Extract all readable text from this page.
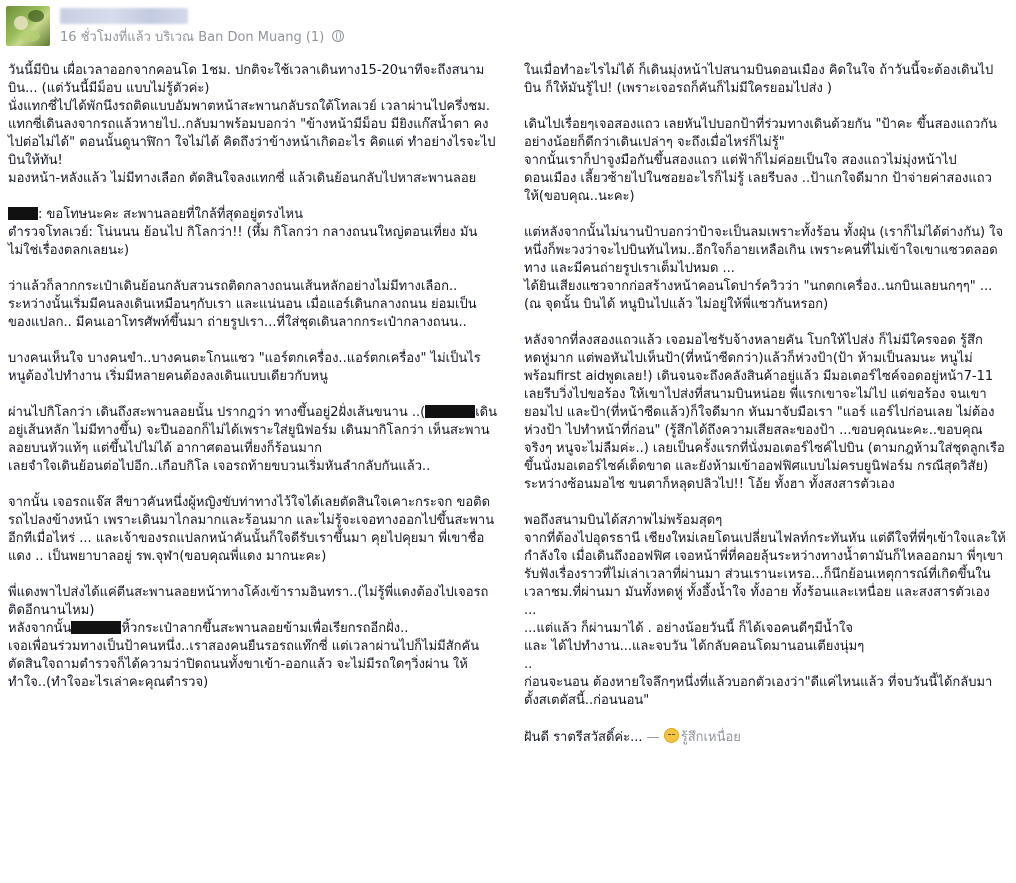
16 ชั่วโมงที่แล้ว บริเวณ Ban Don Muang (1)

วันนี้มีบิน เผื่อเวลาออกจากคอนโด 1ชม. ปกติจะใช้เวลาเดินทาง15-20นาทีจะถึงสนามบิน... (แต่วันนี้มีม็อบ แบบไม่รู้ตัวค่ะ)
นั่งแทกซี่ไปได้พักนึงรถติดแบบอัมพาตหน้าสะพานกลับรถใต้โทลเวย์ เวลาผ่านไปครึ่งชม. แทกซี่เดินลงจากรถแล้วหายไป..กลับมาพร้อมบอกว่า "ข้างหน้ามีม็อบ มียิงแก๊สน้ำตา คงไปต่อไม่ได้" ตอนนั้นดูนาฬิกา ใจไม่ได้ คิดถึงว่าข้างหน้าเกิดอะไร คิดแต่ ทำอย่างไรจะไปบินให้ทัน!
มองหน้า-หลังแล้ว ไม่มีทางเลือก ตัดสินใจลงแทกซี่ แล้วเดินย้อนกลับไปหาสะพานลอย

: ขอโทษนะคะ สะพานลอยที่ใกล้ที่สุดอยู่ตรงไหน
ตำรวจโทลเวย์: โน่นนน ย้อนไป กิโลกว่า!! (หึ้ม กิโลกว่า กลางถนนใหญ่ตอนเที่ยง มันไม่ใช่เรื่องตลกเลยนะ)

ว่าแล้วก็ลากกระเป๋าเดินย้อนกลับสวนรถติดกลางถนนเส้นหลักอย่างไม่มีทางเลือก.. ระหว่างนั้นเริ่มมีคนลงเดินเหมือนๆกับเรา และแน่นอน เมื่อแอร์เดินกลางถนน ย่อมเป็นของแปลก.. มีคนเอาโทรศัพท์ขึ้นมา ถ่ายรูปเรา...ที่ใส่ชุดเดินลากกระเป๋ากลางถนน..

บางคนเห็นใจ บางคนขำ..บางคนตะโกนแซว "แอร์ตกเครื่อง..แอร์ตกเครื่อง" ไม่เป็นไร หนูต้องไปทำงาน เริ่มมีหลายคนต้องลงเดินแบบเดียวกับหนู

ผ่านไปกิโลกว่า เดินถึงสะพานลอยนั้น ปรากฎว่า ทางขึ้นอยู่2ฝั่งเส้นขนาน ..(	เดินอยู่เส้นหลัก ไม่มีทางขึ้น) จะปีนออกก็ไม่ได้เพราะใส่ยูนิฟอร์ม เดินมากิโลกว่า เห็นสะพานลอยบนหัวแท้ๆ แต่ขึ้นไปไม่ได้ อากาศตอนเที่ยงก็ร้อนมาก
เลยจำใจเดินย้อนต่อไปอีก..เกือบกิโล เจอรถท้ายขบวนเริ่มหันลำกลับกันแล้ว..

จากนั้น เจอรถแจ๊ส สีขาวคันหนึ่งผู้หญิงขับท่าทางไว้ใจได้เลยตัดสินใจเคาะกระจก ขอติดรถไปลงข้างหน้า เพราะเดินมาไกลมากและร้อนมาก และไม่รู้จะเจอทางออกไปขึ้นสะพานอีกทีเมื่อไหร่ ... และเจ้าของรถแปลกหน้าคันนั้นก็ใจดีรับเราขึ้นมา คุยไปคุยมา พี่เขาชื่อแดง .. เป็นพยาบาลอยู่ รพ.จุฬา(ขอบคุณพี่แดง มากนะคะ)

พี่แดงพาไปส่งได้แค่ตีนสะพานลอยหน้าทางโค้งเข้ารามอินทรา..(ไม่รู้พี่แดงต้องไปเจอรถติดอีกนานไหม)
หลังจากนั้น	หิ้วกระเป๋าลากขึ้นสะพานลอยข้ามเพื่อเรียกรถอีกฝั่ง..
เจอเพื่อนร่วมทางเป็นป้าคนหนึ่ง..เราสองคนยืนรอรถแท๊กซี่ แต่เวลาผ่านไปก็ไม่มีสักคัน ตัดสินใจถามตำรวจก็ได้ความว่าปิดถนนทั้งขาเข้า-ออกแล้ว จะไม่มีรถใดๆวิ่งผ่าน ให้ทำใจ..(ทำใจอะไรเล่าคะคุณตำรวจ)

ในเมื่อทำอะไรไม่ได้ ก็เดินมุ่งหน้าไปสนามบินดอนเมือง คิดในใจ ถ้าวันนี้จะต้องเดินไปบิน ก็ให้มันรู้ไป! (เพราะเจอรถก็คันก็ไม่มีใครยอมไปส่ง )

เดินไปเรื่อยๆเจอสองแถว เลยหันไปบอกป้าที่ร่วมทางเดินด้วยกัน "ป้าคะ ขึ้นสองแถวกัน อย่างน้อยก็ดีกว่าเดินเปล่าๆ จะถึงเมื่อไหร่ก็ไม่รู้"
จากนั้นเราก็ปาจูงมือกันขึ้นสองแถว แต่ฟ้าก็ไม่ค่อยเป็นใจ สองแถวไม่มุ่งหน้าไปดอนเมือง เลี้ยวซ้ายไปในซอยอะไรก็ไม่รู้ เลยรีบลง ..ป้าแกใจดีมาก ป้าจ่ายค่าสองแถวให้(ขอบคุณ..นะคะ)

แต่หลังจากนั้นไม่นานป้าบอกว่าป้าจะเป็นลมเพราะทั้งร้อน ทั้งฝุ่น (เราก็ไม่ได้ต่างกัน) ใจหนึ่งก็พะวงว่าจะไปบินทันไหม..อีกใจก็อายเหลือเกิน เพราะคนที่ไม่เข้าใจเขาแซวตลอดทาง และมีคนถ่ายรูปเราเต็มไปหมด ...
ได้ยินเสียงแซวจากก่อสร้างหน้าคอนโดปาร์ควิวว่า "นกตกเครื่อง..นกบินเลยนกๆๆ" ...(ณ จุดนั้น บินได้ หนูบินไปแล้ว ไม่อยู่ให้พี่แซวกันหรอก)

หลังจากที่ลงสองแถวแล้ว เจอมอไซรับจ้างหลายคัน โบกให้ไปส่ง ก็ไม่มีใครจอด รู้สึกหดหู่มาก แต่พอหันไปเห็นป้า(ที่หน้าซีดกว่า)แล้วก็ห่วงป้า(ป้า ห้ามเป็นลมนะ หนูไม่พร้อมfirst aidพูดเลย!) เดินจนจะถึงคลังสินค้าอยู่แล้ว มีมอเตอร์ไซค์จอดอยู่หน้า7-11 เลยรีบวิ่งไปขอร้อง ให้เขาไปส่งที่สนามบินหน่อย พี่แรกเขาจะไม่ไป แต่ขอร้อง จนเขายอมไป และป้า(ที่หน้าซีดแล้ว)ก็ใจดีมาก หันมาจับมือเรา "แอร์ แอร์ไปก่อนเลย ไม่ต้องห่วงป้า ไปทำหน้าที่ก่อน" (รู้สึกได้ถึงความเสียสละของป้า ...ขอบคุณนะคะ..ขอบคุณจริงๆ หนูจะไม่ลืมค่ะ..) เลยเป็นครั้งแรกที่นั่งมอเตอร์ไซค์ไปบิน (ตามกฎห้ามใส่ชุดลูกเรือขึ้นนั่งมอเตอร์ไซค์เด็ดขาด และยังห้ามเข้าออฟฟิศแบบไม่ครบยูนิฟอร์ม กรณีสุดวิสัย) ระหว่างซ้อนมอไซ ขนตาก็หลุดปลิวไป!! โอ้ย ทั้งฮา ทั้งสงสารตัวเอง

พอถึงสนามบินได้สภาพไม่พร้อมสุดๆ
จากที่ต้องไปอุดรธานี เชียงใหม่เลยโดนเปลี่ยนไฟลท์กระทันหัน แต่ดีใจที่พี่ๆเข้าใจและให้กำลังใจ เมื่อเดินถึงออฟฟิศ เจอหน้าพี่ที่คอยลุ้นระหว่างทางน้ำตามันก็ไหลออกมา พี่ๆเขารับฟังเรื่องราวที่ไม่เล่าเวลาที่ผ่านมา ส่วนเรานะเหรอ...ก็นึกย้อนเหตุการณ์ที่เกิดขึ้นในเวลาชม.ที่ผ่านมา มันทั้งหดหู่ ทั้งอึ้งน้ำใจ ทั้งอาย ทั้งร้อนและเหนื่อย และสงสารตัวเอง ...
...แต่แล้ว ก็ผ่านมาได้ . อย่างน้อยวันนี้ ก็ได้เจอคนดีๆมีน้ำใจ
และ ได้ไปทำงาน...และจบวัน ได้กลับคอนโดมานอนเตียงนุ่มๆ
..
ก่อนจะนอน ต้องหายใจลึกๆหนึ่งที่แล้วบอกตัวเองว่า"ดีแค่ไหนแล้ว ที่จบวันนี้ได้กลับมาตั้งสเตตัสนี้..ก่อนนอน"

ฝันดี ราตรีสวัสดิ์ค่ะ... — รู้สึกเหนื่อย
